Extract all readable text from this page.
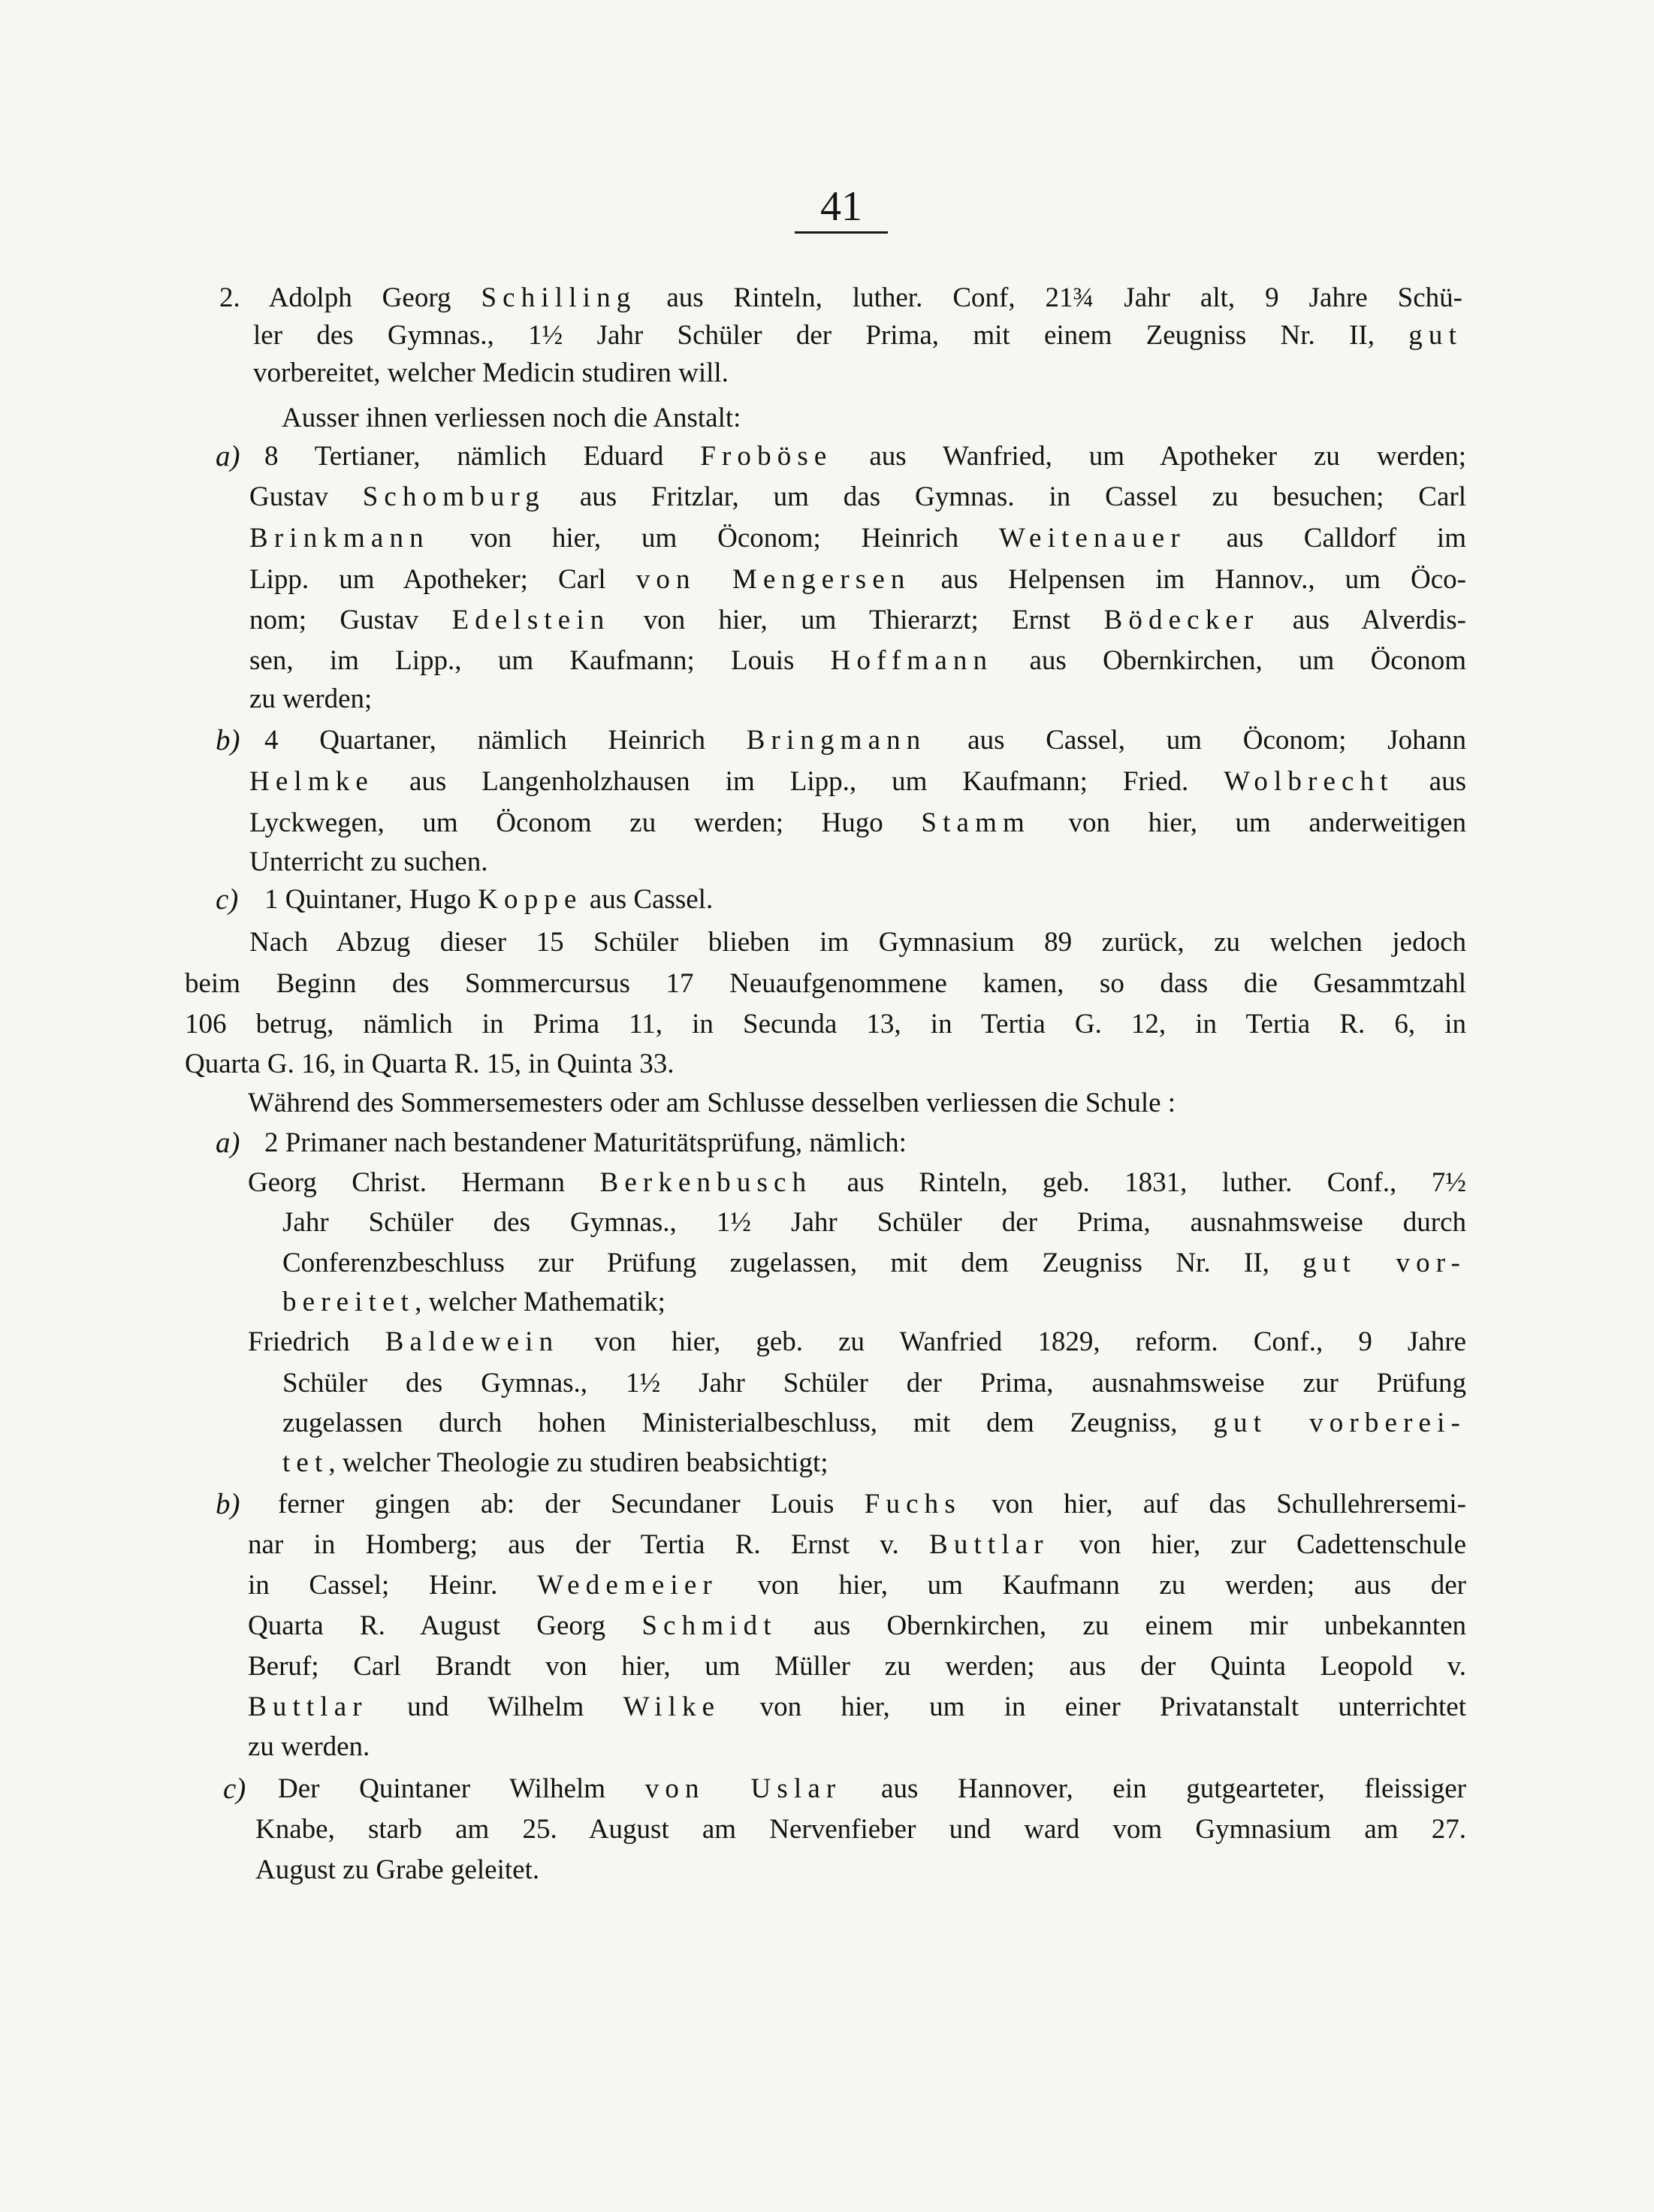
41
2. Adolph Georg Schilling aus Rinteln, luther. Conf, 21¾ Jahr alt, 9 Jahre Schü-
ler des Gymnas., 1½ Jahr Schüler der Prima, mit einem Zeugniss Nr. II, gut
vorbereitet, welcher Medicin studiren will.
Ausser ihnen verliessen noch die Anstalt:
a) 8 Tertianer, nämlich Eduard Froböse aus Wanfried, um Apotheker zu werden;
Gustav Schomburg aus Fritzlar, um das Gymnas. in Cassel zu besuchen; Carl
Brinkmann von hier, um Öconom; Heinrich Weitenauer aus Calldorf im
Lipp. um Apotheker; Carl von Mengersen aus Helpensen im Hannov., um Öco-
nom; Gustav Edelstein von hier, um Thierarzt; Ernst Bödecker aus Alverdis-
sen, im Lipp., um Kaufmann; Louis Hoffmann aus Obernkirchen, um Öconom
zu werden;
b) 4 Quartaner, nämlich Heinrich Bringmann aus Cassel, um Öconom; Johann
Helmke aus Langenholzhausen im Lipp., um Kaufmann; Fried. Wolbrecht aus
Lyckwegen, um Öconom zu werden; Hugo Stamm von hier, um anderweitigen
Unterricht zu suchen.
c) 1 Quintaner, Hugo Koppe aus Cassel.
Nach Abzug dieser 15 Schüler blieben im Gymnasium 89 zurück, zu welchen jedoch
beim Beginn des Sommercursus 17 Neuaufgenommene kamen, so dass die Gesammtzahl
106 betrug, nämlich in Prima 11, in Secunda 13, in Tertia G. 12, in Tertia R. 6, in
Quarta G. 16, in Quarta R. 15, in Quinta 33.
Während des Sommersemesters oder am Schlusse desselben verliessen die Schule :
a) 2 Primaner nach bestandener Maturitätsprüfung, nämlich:
Georg Christ. Hermann Berkenbusch aus Rinteln, geb. 1831, luther. Conf., 7½
Jahr Schüler des Gymnas., 1½ Jahr Schüler der Prima, ausnahmsweise durch
Conferenzbeschluss zur Prüfung zugelassen, mit dem Zeugniss Nr. II, gut vor-
bereitet, welcher Mathematik;
Friedrich Baldewein von hier, geb. zu Wanfried 1829, reform. Conf., 9 Jahre
Schüler des Gymnas., 1½ Jahr Schüler der Prima, ausnahmsweise zur Prüfung
zugelassen durch hohen Ministerialbeschluss, mit dem Zeugniss, gut vorberei-
tet, welcher Theologie zu studiren beabsichtigt;
b)	ferner gingen ab: der Secundaner Louis Fuchs von hier, auf das Schullehrersemi-
nar in Homberg; aus der Tertia R. Ernst v. Buttlar von hier, zur Cadettenschule
in Cassel; Heinr. Wedemeier von hier, um Kaufmann zu werden; aus der
Quarta R. August Georg Schmidt aus Obernkirchen, zu einem mir unbekannten
Beruf; Carl Brandt von hier, um Müller zu werden; aus der Quinta Leopold v.
Buttlar und Wilhelm Wilke von hier, um in einer Privatanstalt unterrichtet
zu werden.
c)	Der Quintaner Wilhelm von Uslar aus Hannover, ein gutgearteter, fleissiger
Knabe, starb am 25. August am Nervenfieber und ward vom Gymnasium am 27.
August zu Grabe geleitet.
